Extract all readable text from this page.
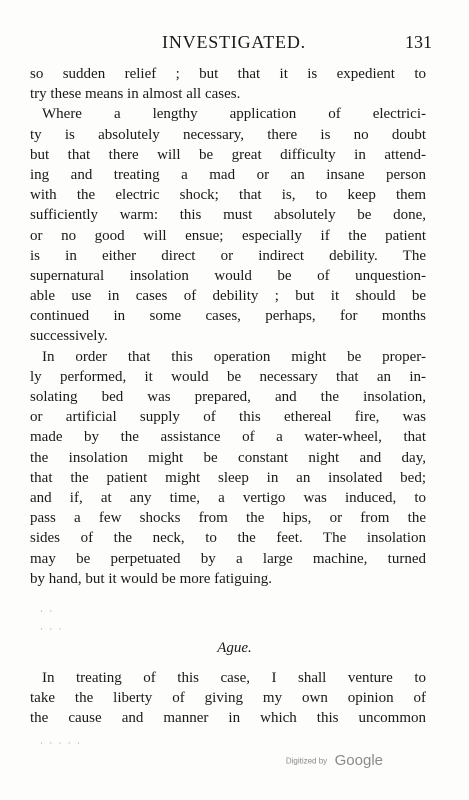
INVESTIGATED.	131
so sudden relief ; but that it is expedient to
try these means in almost all cases.
Where a lengthy application of electrici-
ty is absolutely necessary, there is no doubt
but that there will be great difficulty in attend-
ing and treating a mad or an insane person
with the electric shock; that is, to keep them
sufficiently warm: this must absolutely be done,
or no good will ensue; especially if the patient
is in either direct or indirect debility. The
supernatural insolation would be of unquestion-
able use in cases of debility ; but it should be
continued in some cases, perhaps, for months
successively.
In order that this operation might be proper-
ly performed, it would be necessary that an in-
solating bed was prepared, and the insolation,
or artificial supply of this ethereal fire, was
made by the assistance of a water-wheel, that
the insolation might be constant night and day,
that the patient might sleep in an insolated bed;
and if, at any time, a vertigo was induced, to
pass a few shocks from the hips, or from the
sides of the neck, to the feet. The insolation
may be perpetuated by a large machine, turned
by hand, but it would be more fatiguing.
· ·
· · ·
Ague.
In treating of this case, I shall venture to
take the liberty of giving my own opinion of
the cause and manner in which this uncommon
· · · · ·
Digitized by Google
